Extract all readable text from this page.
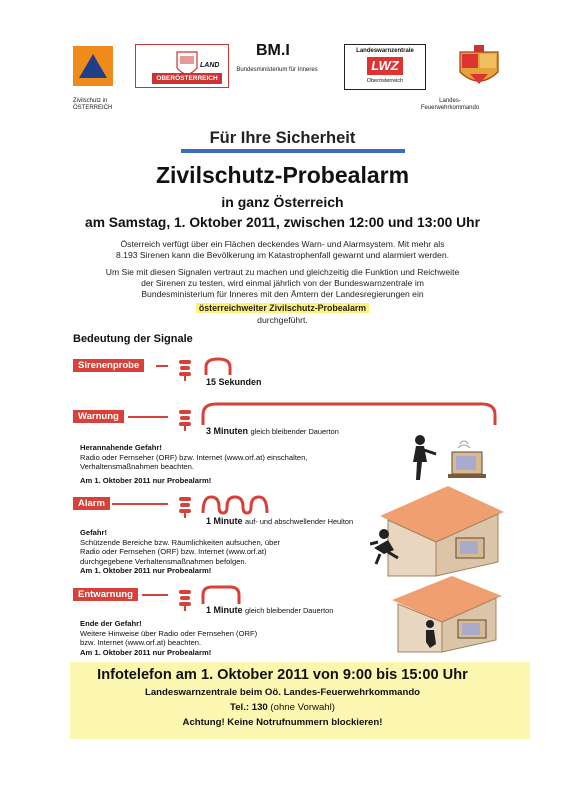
Zivilschutz in ÖSTERREICH
LAND
OBERÖSTERREICH
BM.I
Bundesministerium für Inneres
Landeswarnzentrale
LWZ
Oberösterreich
Landes-Feuerwehrkommando
Für Ihre Sicherheit
Zivilschutz-Probealarm
in ganz Österreich
am Samstag, 1. Oktober 2011, zwischen 12:00 und 13:00 Uhr
Österreich verfügt über ein Flächen deckendes Warn- und Alarmsystem. Mit mehr als
8.193 Sirenen kann die Bevölkerung im Katastrophenfall gewarnt und alarmiert werden.
Um Sie mit diesen Signalen vertraut zu machen und gleichzeitig die Funktion und Reichweite
der Sirenen zu testen, wird einmal jährlich von der Bundeswarnzentrale im
Bundesministerium für Inneres mit den Ämtern der Landesregierungen ein
österreichweiter Zivilschutz-Probealarm
durchgeführt.
Bedeutung der Signale
Sirenenprobe
15 Sekunden
Warnung
3 Minuten gleich bleibender Dauerton
Herannahende Gefahr!
Radio oder Fernseher (ORF) bzw. Internet (www.orf.at) einschalten,
Verhaltensmaßnahmen beachten.
Am 1. Oktober 2011 nur Probealarm!
Alarm
1 Minute auf- und abschwellender Heulton
Gefahr!
Schützende Bereiche bzw. Räumlichkeiten aufsuchen, über
Radio oder Fernsehen (ORF) bzw. Internet (www.orf.at)
durchgegebene Verhaltensmaßnahmen befolgen.
Am 1. Oktober 2011 nur Probealarm!
Entwarnung
1 Minute gleich bleibender Dauerton
Ende der Gefahr!
Weitere Hinweise über Radio oder Fernsehen (ORF)
bzw. Internet (www.orf.at) beachten.
Am 1. Oktober 2011 nur Probealarm!
Infotelefon am 1. Oktober 2011 von 9:00 bis 15:00 Uhr
Landeswarnzentrale beim Oö. Landes-Feuerwehrkommando
Tel.: 130 (ohne Vorwahl)
Achtung! Keine Notrufnummern blockieren!
